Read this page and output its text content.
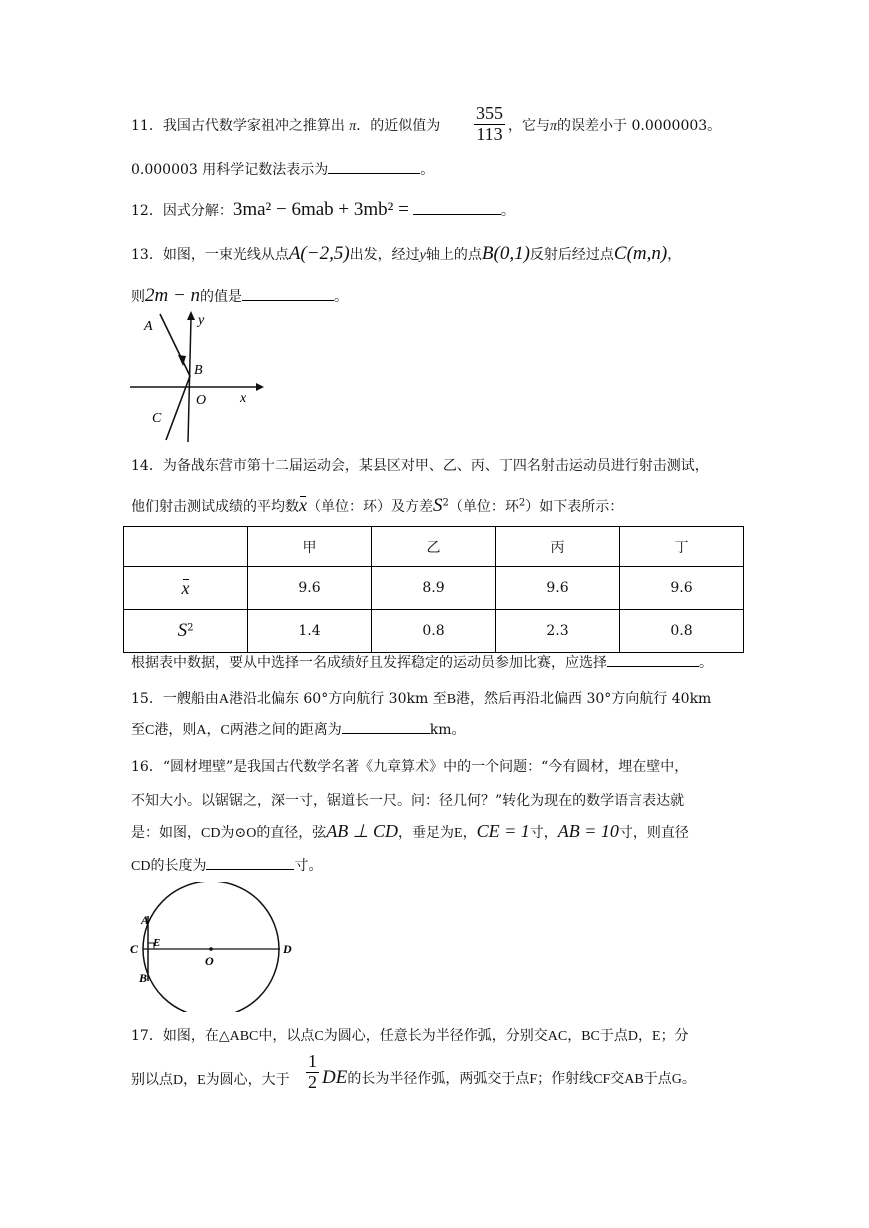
11．我国古代数学家祖冲之推算出 π．的近似值为 $\frac{355}{113}$ ，它与π的误差小于 0.0000003。
0.000003 用科学记数法表示为	。
12．因式分解：3ma² − 6mab + 3mb² =	。
13．如图，一束光线从点A(−2,5)出发，经过y轴上的点B(0,1)反射后经过点C(m,n)，
则2m − n的值是	。
A
B
C
O x
y
14．为备战东营市第十二届运动会，某县区对甲、乙、丙、丁四名射击运动员进行射击测试，
他们射击测试成绩的平均数x（单位：环）及方差$S^2$（单位：环$^2$）如下表所示：
	甲	乙	丙	丁
x	9.6	8.9	9.6	9.6
$S^2$	1.4	0.8	2.3	0.8
根据表中数据，要从中选择一名成绩好且发挥稳定的运动员参加比赛，应选择	。
15．一艘船由A港沿北偏东 60°方向航行 30km 至B港，然后再沿北偏西 30°方向航行 40km
至C港，则A，C两港之间的距离为	km。
16．“圆材埋壁”是我国古代数学名著《九章算术》中的一个问题：“今有圆材，埋在壁中，
不知大小。以锯锯之，深一寸，锯道长一尺。问：径几何？”转化为现在的数学语言表达就
是：如图，CD为⊙O的直径，弦AB ⊥ CD，垂足为E，CE = 1寸，AB = 10寸，则直径
CD的长度为	寸。
A
B
C	D
E
O
17．如图，在△ABC中，以点C为圆心，任意长为半径作弧，分别交AC，BC于点D，E；分
别以点D，E为圆心，大于 $\frac{1}{2}$ DE的长为半径作弧，两弧交于点F；作射线CF交AB于点G。
